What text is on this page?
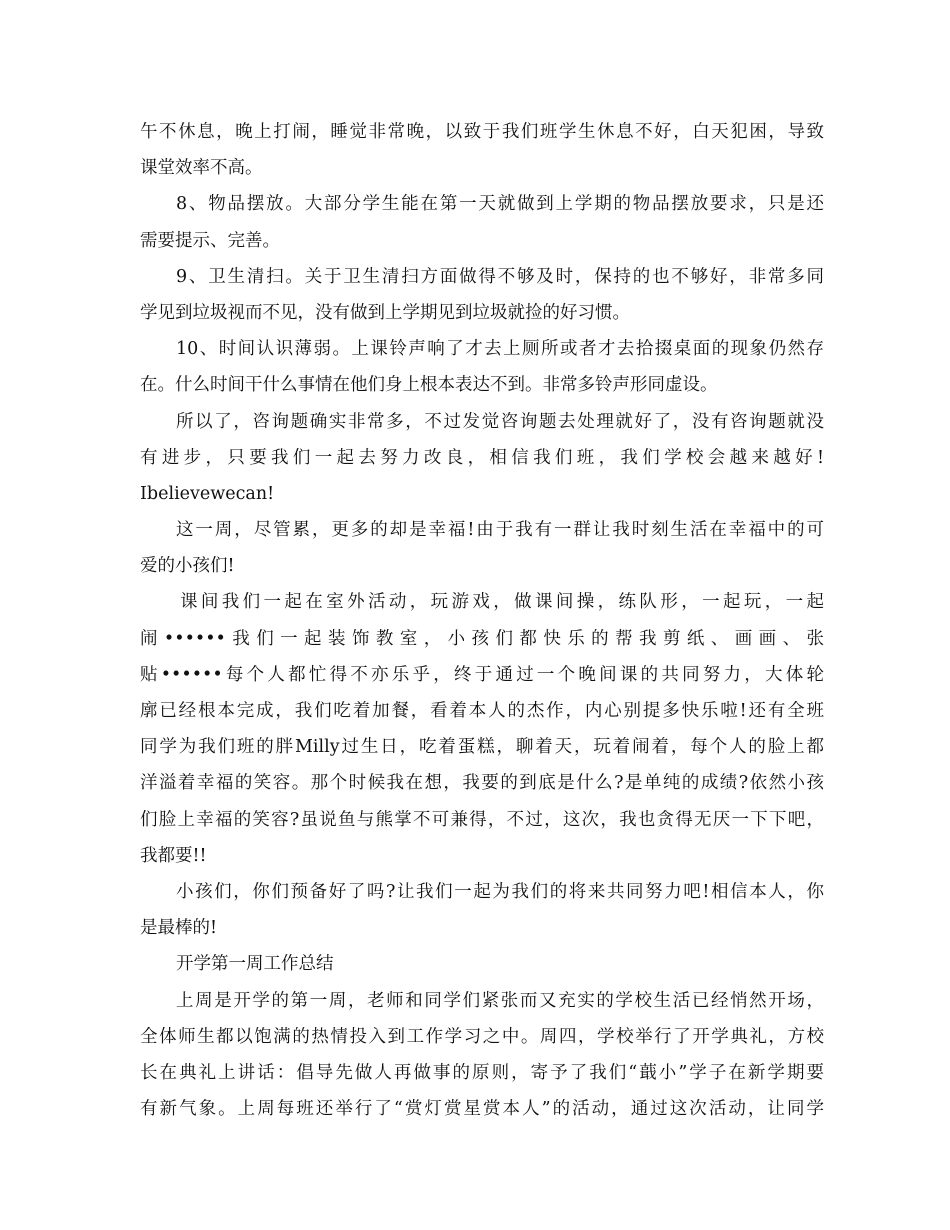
午不休息，晚上打闹，睡觉非常晚，以致于我们班学生休息不好，白天犯困，导致
课堂效率不高。
8、物品摆放。大部分学生能在第一天就做到上学期的物品摆放要求，只是还
需要提示、完善。
9、卫生清扫。关于卫生清扫方面做得不够及时，保持的也不够好，非常多同
学见到垃圾视而不见，没有做到上学期见到垃圾就捡的好习惯。
10、时间认识薄弱。上课铃声响了才去上厕所或者才去拾掇桌面的现象仍然存
在。什么时间干什么事情在他们身上根本表达不到。非常多铃声形同虚设。
所以了，咨询题确实非常多，不过发觉咨询题去处理就好了，没有咨询题就没
有进步，只要我们一起去努力改良，相信我们班，我们学校会越来越好!
Ibelievewecan!
这一周，尽管累，更多的却是幸福!由于我有一群让我时刻生活在幸福中的可
爱的小孩们!
课间我们一起在室外活动，玩游戏，做课间操，练队形，一起玩，一起
闹••••••我们一起装饰教室，小孩们都快乐的帮我剪纸、画画、张
贴••••••每个人都忙得不亦乐乎，终于通过一个晚间课的共同努力，大体轮
廓已经根本完成，我们吃着加餐，看着本人的杰作，内心别提多快乐啦!还有全班
同学为我们班的胖Milly过生日，吃着蛋糕，聊着天，玩着闹着，每个人的脸上都
洋溢着幸福的笑容。那个时候我在想，我要的到底是什么?是单纯的成绩?依然小孩
们脸上幸福的笑容?虽说鱼与熊掌不可兼得，不过，这次，我也贪得无厌一下下吧，
我都要!!
小孩们，你们预备好了吗?让我们一起为我们的将来共同努力吧!相信本人，你
是最棒的!
开学第一周工作总结
上周是开学的第一周，老师和同学们紧张而又充实的学校生活已经悄然开场，
全体师生都以饱满的热情投入到工作学习之中。周四，学校举行了开学典礼，方校
长在典礼上讲话：倡导先做人再做事的原则，寄予了我们“蕺小”学子在新学期要
有新气象。上周每班还举行了“赏灯赏星赏本人”的活动，通过这次活动，让同学
